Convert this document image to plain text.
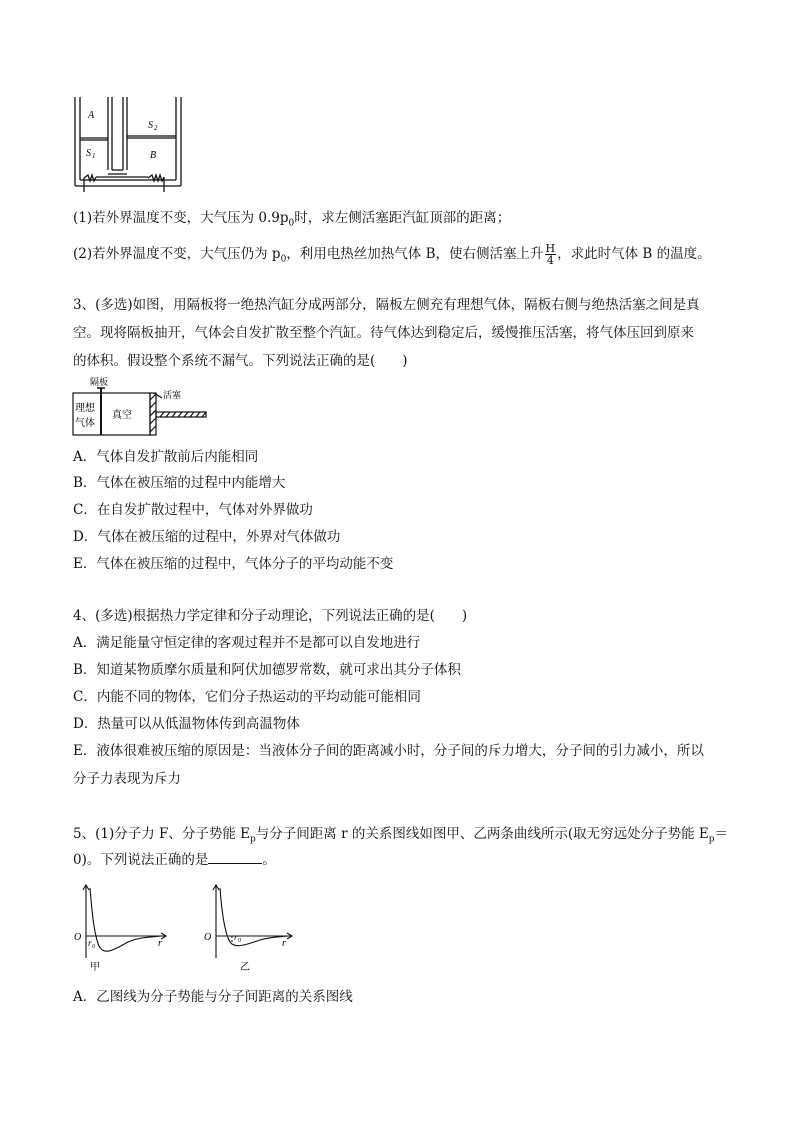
A
S 2
S 1	B
(1)若外界温度不变，大气压为 $0.9p_0$时，求左侧活塞距汽缸顶部的距离；
(2)若外界温度不变，大气压仍为 $p_0$，利用电热丝加热气体 B，使右侧活塞上升 $\frac{H}{4}$ ，求此时气体 B 的温度。
3、(多选)如图，用隔板将一绝热汽缸分成两部分，隔板左侧充有理想气体，隔板右侧与绝热活塞之间是真
空。现将隔板抽开，气体会自发扩散至整个汽缸。待气体达到稳定后，缓慢推压活塞，将气体压回到原来
的体积。假设整个系统不漏气。下列说法正确的是(　　)
隔板
活塞
理想
气体
真空
A．气体自发扩散前后内能相同
B．气体在被压缩的过程中内能增大
C．在自发扩散过程中，气体对外界做功
D．气体在被压缩的过程中，外界对气体做功
E．气体在被压缩的过程中，气体分子的平均动能不变
4、(多选)根据热力学定律和分子动理论，下列说法正确的是(　　)
A．满足能量守恒定律的客观过程并不是都可以自发地进行
B．知道某物质摩尔质量和阿伏加德罗常数，就可求出其分子体积
C．内能不同的物体，它们分子热运动的平均动能可能相同
D．热量可以从低温物体传到高温物体
E．液体很难被压缩的原因是：当液体分子间的距离减小时，分子间的斥力增大，分子间的引力减小，所以
分子力表现为斥力
5、(1)分子力 F、分子势能 $E_p$与分子间距离 r 的关系图线如图甲、乙两条曲线所示(取无穷远处分子势能 $E_p=$
0)。下列说法正确的是	。
O r 0	r
甲
O	r 0	r
乙
A．乙图线为分子势能与分子间距离的关系图线
